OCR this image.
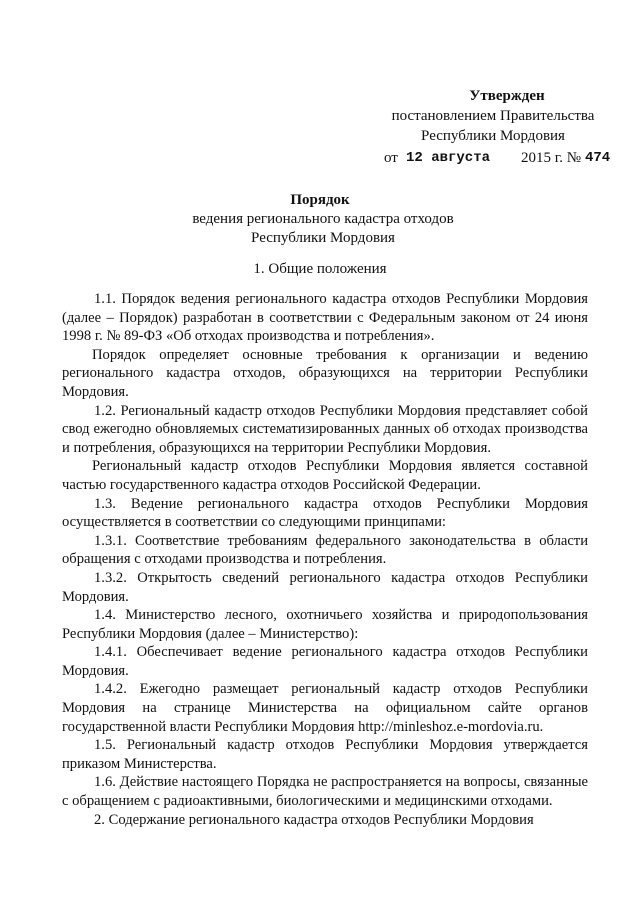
Утвержден
постановлением Правительства
Республики Мордовия
от 12 августа 2015 г. № 474
Порядок
ведения регионального кадастра отходов
Республики Мордовия
1. Общие положения

1.1. Порядок ведения регионального кадастра отходов Республики Мордовия (далее – Порядок) разработан в соответствии с Федеральным законом от 24 июня 1998 г. № 89-ФЗ «Об отходах производства и потребления».

Порядок определяет основные требования к организации и ведению регионального кадастра отходов, образующихся на территории Республики Мордовия.

1.2. Региональный кадастр отходов Республики Мордовия представляет собой свод ежегодно обновляемых систематизированных данных об отходах производства и потребления, образующихся на территории Республики Мордовия.

Региональный кадастр отходов Республики Мордовия является составной частью государственного кадастра отходов Российской Федерации.

1.3. Ведение регионального кадастра отходов Республики Мордовия осуществляется в соответствии со следующими принципами:

1.3.1. Соответствие требованиям федерального законодательства в области обращения с отходами производства и потребления.

1.3.2. Открытость сведений регионального кадастра отходов Республики Мордовия.

1.4. Министерство лесного, охотничьего хозяйства и природопользования Республики Мордовия (далее – Министерство):

1.4.1. Обеспечивает ведение регионального кадастра отходов Республики Мордовия.

1.4.2. Ежегодно размещает региональный кадастр отходов Республики Мордовия на странице Министерства на официальном сайте органов государственной власти Республики Мордовия http://minleshoz.e-mordovia.ru.

1.5. Региональный кадастр отходов Республики Мордовия утверждается приказом Министерства.

1.6. Действие настоящего Порядка не распространяется на вопросы, связанные с обращением с радиоактивными, биологическими и медицинскими отходами.

2. Содержание регионального кадастра отходов Республики Мордовия
